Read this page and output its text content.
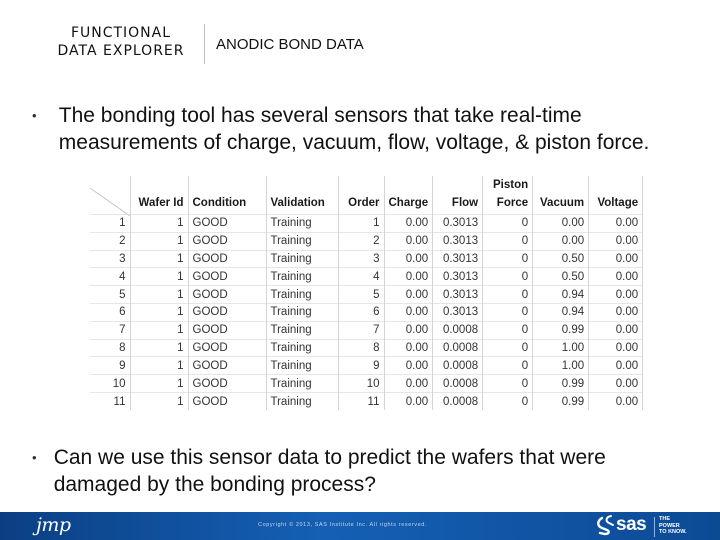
FUNCTIONAL
DATA EXPLORER	ANODIC BOND DATA
•	The bonding tool has several sensors that take real-time measurements of charge, vacuum, flow, voltage, & piston force.
	Wafer Id	Condition	Validation	Order	Charge	Flow	Piston Force	Vacuum	Voltage
1	1	GOOD	Training	1	0.00	0.3013	0	0.00	0.00
2	1	GOOD	Training	2	0.00	0.3013	0	0.00	0.00
3	1	GOOD	Training	3	0.00	0.3013	0	0.50	0.00
4	1	GOOD	Training	4	0.00	0.3013	0	0.50	0.00
5	1	GOOD	Training	5	0.00	0.3013	0	0.94	0.00
6	1	GOOD	Training	6	0.00	0.3013	0	0.94	0.00
7	1	GOOD	Training	7	0.00	0.0008	0	0.99	0.00
8	1	GOOD	Training	8	0.00	0.0008	0	1.00	0.00
9	1	GOOD	Training	9	0.00	0.0008	0	1.00	0.00
10	1	GOOD	Training	10	0.00	0.0008	0	0.99	0.00
11	1	GOOD	Training	11	0.00	0.0008	0	0.99	0.00
• Can we use this sensor data to predict the wafers that were damaged by the bonding process?
jmp	Copyright © 2013, SAS Institute Inc. All rights reserved.	sas THE
POWER
TO KNOW.
